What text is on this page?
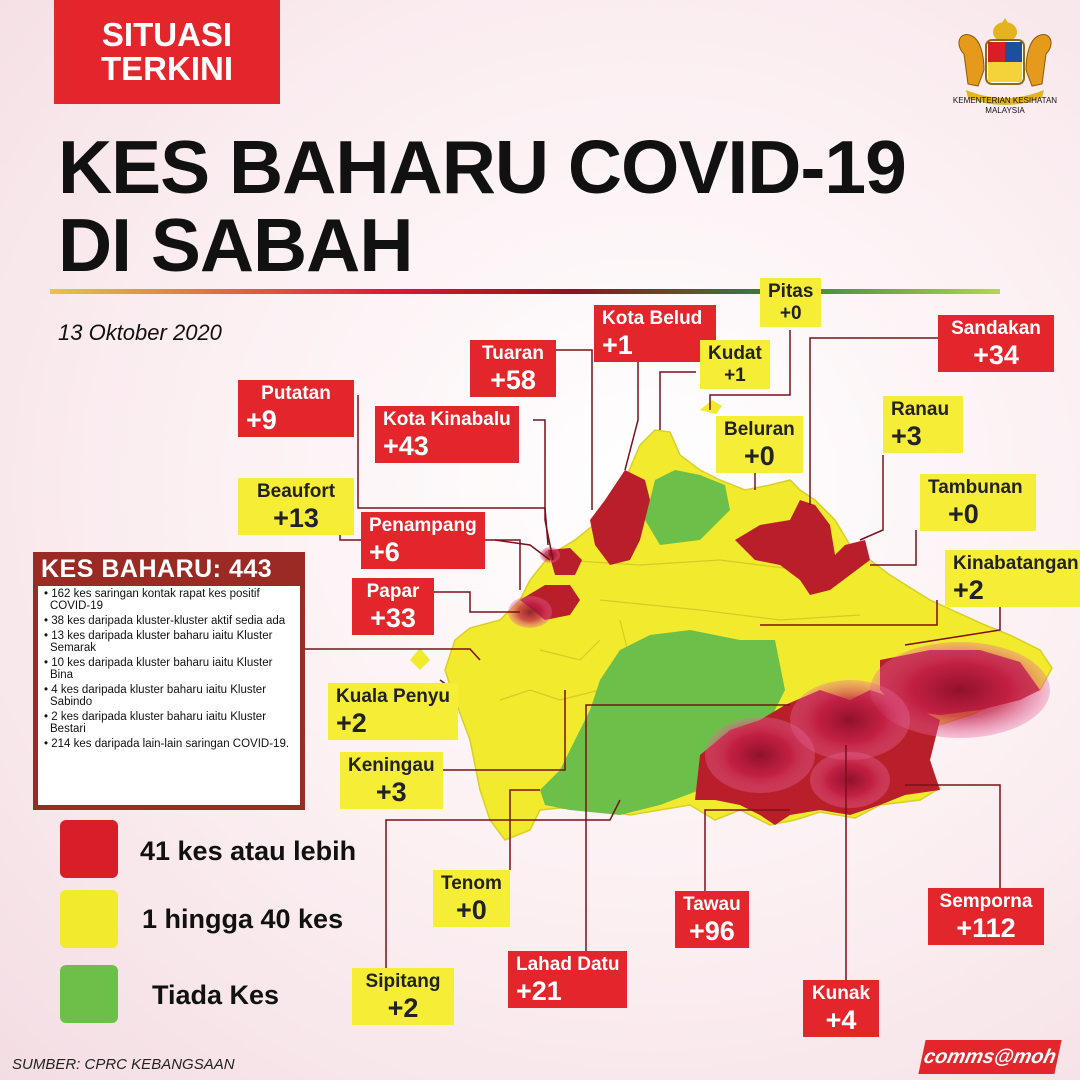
SITUASI
TERKINI
KEMENTERIAN KESIHATAN MALAYSIA
KES BAHARU COVID-19
DI SABAH
13 Oktober 2020
Pitas
+0
Kota Belud
+1
Tuaran
+58
Kudat
+1
Sandakan
+34
Putatan
+9	Kota Kinabalu
+43
Beluran
+0
Ranau
+3
Beaufort
+13	Penampang
+6
Tambunan
+0
Kinabatangan
+2
Papar
+33
Kuala Penyu
+2
Keningau
+3
Tenom
+0	Tawau
+96
Semporna
+112
Lahad Datu
+21
Sipitang
+2	Kunak
+4
KES BAHARU: 443
• 162 kes saringan kontak rapat kes positif COVID-19
• 38 kes daripada kluster-kluster aktif sedia ada
• 13 kes daripada kluster baharu iaitu Kluster Semarak
• 10 kes daripada kluster baharu iaitu Kluster Bina
• 4 kes daripada kluster baharu iaitu Kluster Sabindo
• 2 kes daripada kluster baharu iaitu Kluster Bestari
• 214 kes daripada lain-lain saringan COVID-19.
41 kes atau lebih
1 hingga 40 kes
Tiada Kes
SUMBER: CPRC KEBANGSAAN	comms@moh
